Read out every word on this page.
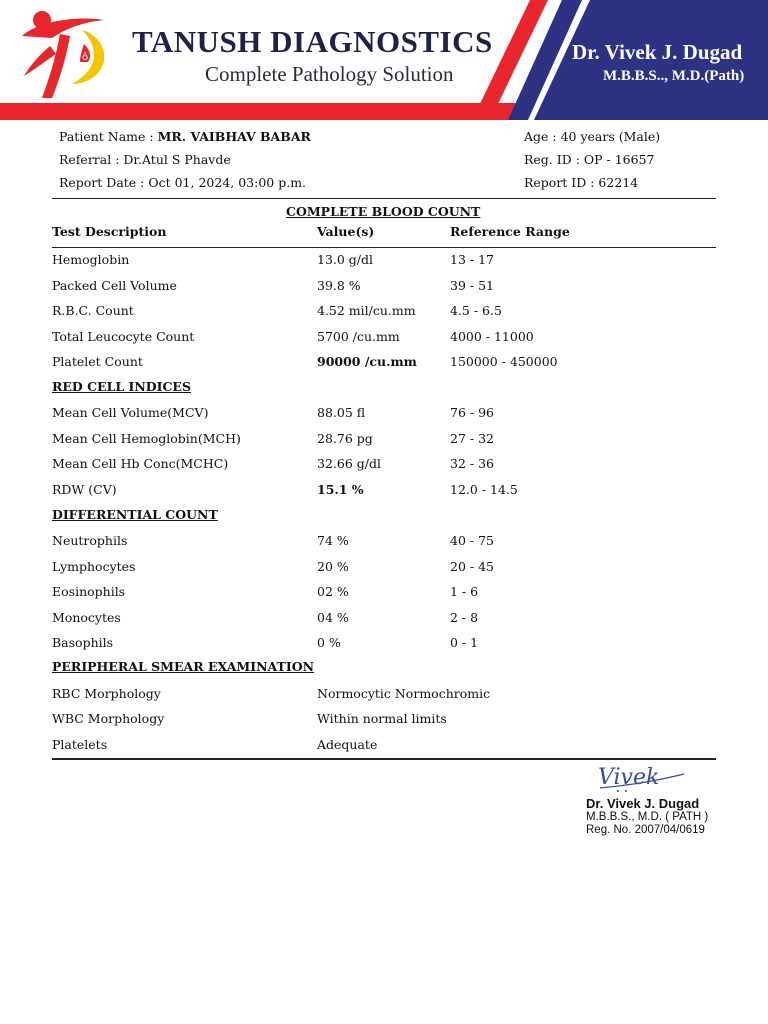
ô TANUSH DIAGNOSTICS
Complete Pathology Solution
Dr. Vivek J. Dugad
M.B.B.S.., M.D.(Path)
Patient Name : MR. VAIBHAV BABAR
Referral : Dr.Atul S Phavde
Report Date : Oct 01, 2024, 03:00 p.m.
Age : 40 years (Male)
Reg. ID : OP - 16657
Report ID : 62214
COMPLETE BLOOD COUNT
Test Description	Value(s)	Reference Range
Hemoglobin	13.0 g/dl	13 - 17
Packed Cell Volume	39.8 %	39 - 51
R.B.C. Count	4.52 mil/cu.mm	4.5 - 6.5
Total Leucocyte Count	5700 /cu.mm	4000 - 11000
Platelet Count	90000 /cu.mm	150000 - 450000
RED CELL INDICES
Mean Cell Volume(MCV)	88.05 fl	76 - 96
Mean Cell Hemoglobin(MCH)	28.76 pg	27 - 32
Mean Cell Hb Conc(MCHC)	32.66 g/dl	32 - 36
RDW (CV)	15.1 %	12.0 - 14.5
DIFFERENTIAL COUNT
Neutrophils	74 %	40 - 75
Lymphocytes	20 %	20 - 45
Eosinophils	02 %	1 - 6
Monocytes	04 %	2 - 8
Basophils	0 %	0 - 1
PERIPHERAL SMEAR EXAMINATION
RBC Morphology	Normocytic Normochromic
WBC Morphology	Within normal limits
Platelets	Adequate
Vivek
Dr. Vivek J. Dugad
M.B.B.S., M.D. ( PATH )
Reg. No. 2007/04/0619
